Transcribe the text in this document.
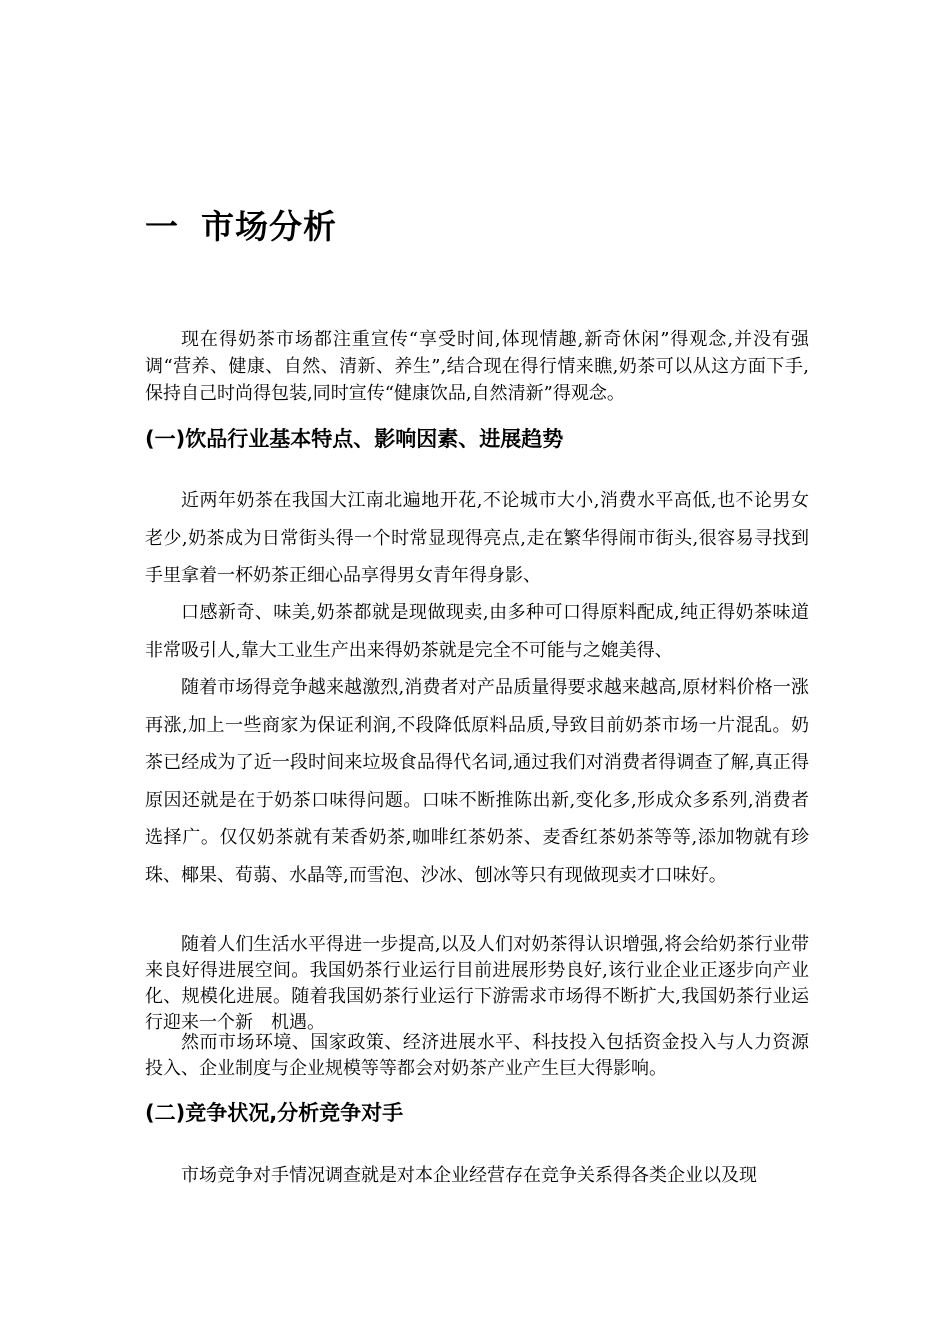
一 市场分析

现在得奶茶市场都注重宣传“享受时间,体现情趣,新奇休闲”得观念,并没有强调“营养、健康、自然、清新、养生”,结合现在得行情来瞧,奶茶可以从这方面下手,保持自己时尚得包装,同时宣传“健康饮品,自然清新”得观念。

(一)饮品行业基本特点、影响因素、进展趋势

近两年奶茶在我国大江南北遍地开花,不论城市大小,消费水平高低,也不论男女老少,奶茶成为日常街头得一个时常显现得亮点,走在繁华得闹市街头,很容易寻找到手里拿着一杯奶茶正细心品享得男女青年得身影、

口感新奇、味美,奶茶都就是现做现卖,由多种可口得原料配成,纯正得奶茶味道非常吸引人,靠大工业生产出来得奶茶就是完全不可能与之媲美得、

随着市场得竞争越来越激烈,消费者对产品质量得要求越来越高,原材料价格一涨再涨,加上一些商家为保证利润,不段降低原料品质,导致目前奶茶市场一片混乱。奶茶已经成为了近一段时间来垃圾食品得代名词,通过我们对消费者得调查了解,真正得原因还就是在于奶茶口味得问题。口味不断推陈出新,变化多,形成众多系列,消费者选择广。仅仅奶茶就有茉香奶茶,咖啡红茶奶茶、麦香红茶奶茶等等,添加物就有珍珠、椰果、荀蒻、水晶等,而雪泡、沙冰、刨冰等只有现做现卖才口味好。

随着人们生活水平得进一步提高,以及人们对奶茶得认识增强,将会给奶茶行业带来良好得进展空间。我国奶茶行业运行目前进展形势良好,该行业企业正逐步向产业化、规模化进展。随着我国奶茶行业运行下游需求市场得不断扩大,我国奶茶行业运行迎来一个新　机遇。

然而市场环境、国家政策、经济进展水平、科技投入包括资金投入与人力资源投入、企业制度与企业规模等等都会对奶茶产业产生巨大得影响。

(二)竞争状况,分析竞争对手

市场竞争对手情况调查就是对本企业经营存在竞争关系得各类企业以及现
